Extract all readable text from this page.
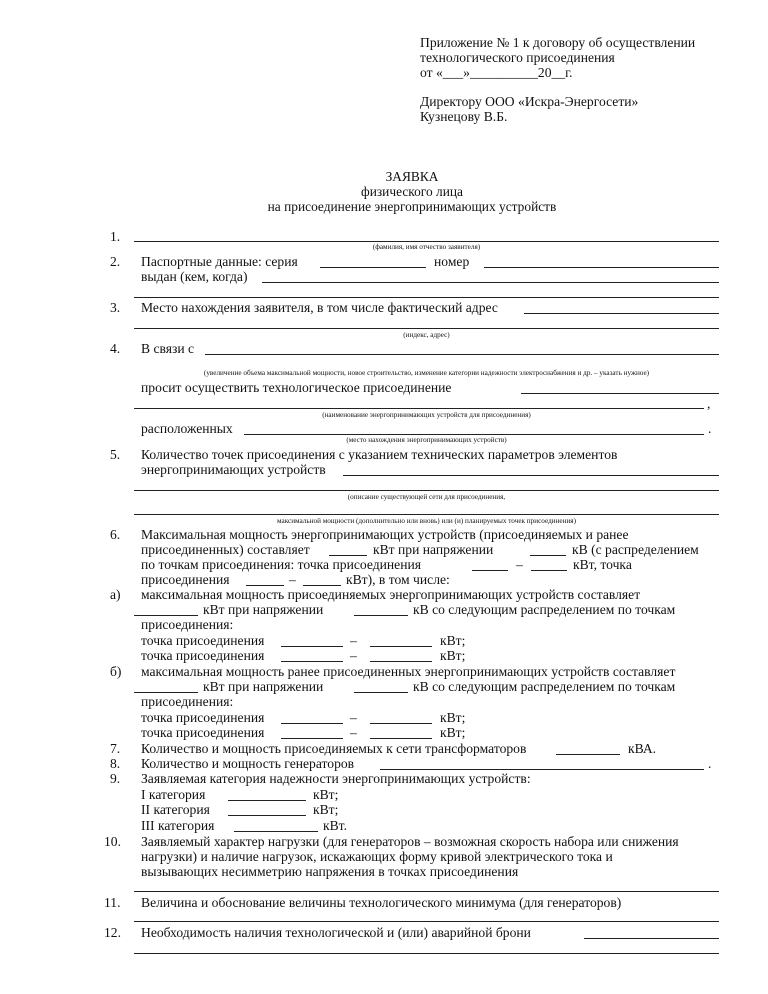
Приложение № 1 к договору об осуществлении
технологического присоединения
от «___»__________20__г.
Директору ООО «Искра-Энергосети»
Кузнецову В.Б.
ЗАЯВКА
физического лица
на присоединение энергопринимающих устройств
1.
(фамилия, имя отчество заявителя)
2. Паспортные данные: серия	номер
выдан (кем, когда)
3. Место нахождения заявителя, в том числе фактический адрес
(индекс, адрес)
4. В связи с
(увеличение объема максимальной мощности, новое строительство, изменение категории надежности электроснабжения и др. – указать нужное)
просит осуществить технологическое присоединение
,
(наименование энергопринимающих устройств для присоединения)
расположенных	.
(место нахождения энергопринимающих устройств)
5. Количество точек присоединения с указанием технических параметров элементов
энергопринимающих устройств
(описание существующей сети для присоединения,
максимальной мощности (дополнительно или вновь) или (и) планируемых точек присоединения)
6. Максимальная мощность энергопринимающих устройств (присоединяемых и ранее
присоединенных) составляет	кВт при напряжении	кВ (с распределением
по точкам присоединения: точка присоединения	–	кВт, точка
присоединения	–	кВт), в том числе:
а) максимальная мощность присоединяемых энергопринимающих устройств составляет
кВт при напряжении	кВ со следующим распределением по точкам
присоединения:
точка присоединения	–	кВт;
точка присоединения	–	кВт;
б) максимальная мощность ранее присоединенных энергопринимающих устройств составляет
кВт при напряжении	кВ со следующим распределением по точкам
присоединения:
точка присоединения	–	кВт;
точка присоединения	–	кВт;
7. Количество и мощность присоединяемых к сети трансформаторов	кВА.
8. Количество и мощность генераторов	.
9. Заявляемая категория надежности энергопринимающих устройств:
I категория	кВт;
II категория	кВт;
III категория	кВт.
10. Заявляемый характер нагрузки (для генераторов – возможная скорость набора или снижения
нагрузки) и наличие нагрузок, искажающих форму кривой электрического тока и
вызывающих несимметрию напряжения в точках присоединения
11. Величина и обоснование величины технологического минимума (для генераторов)
12. Необходимость наличия технологической и (или) аварийной брони
